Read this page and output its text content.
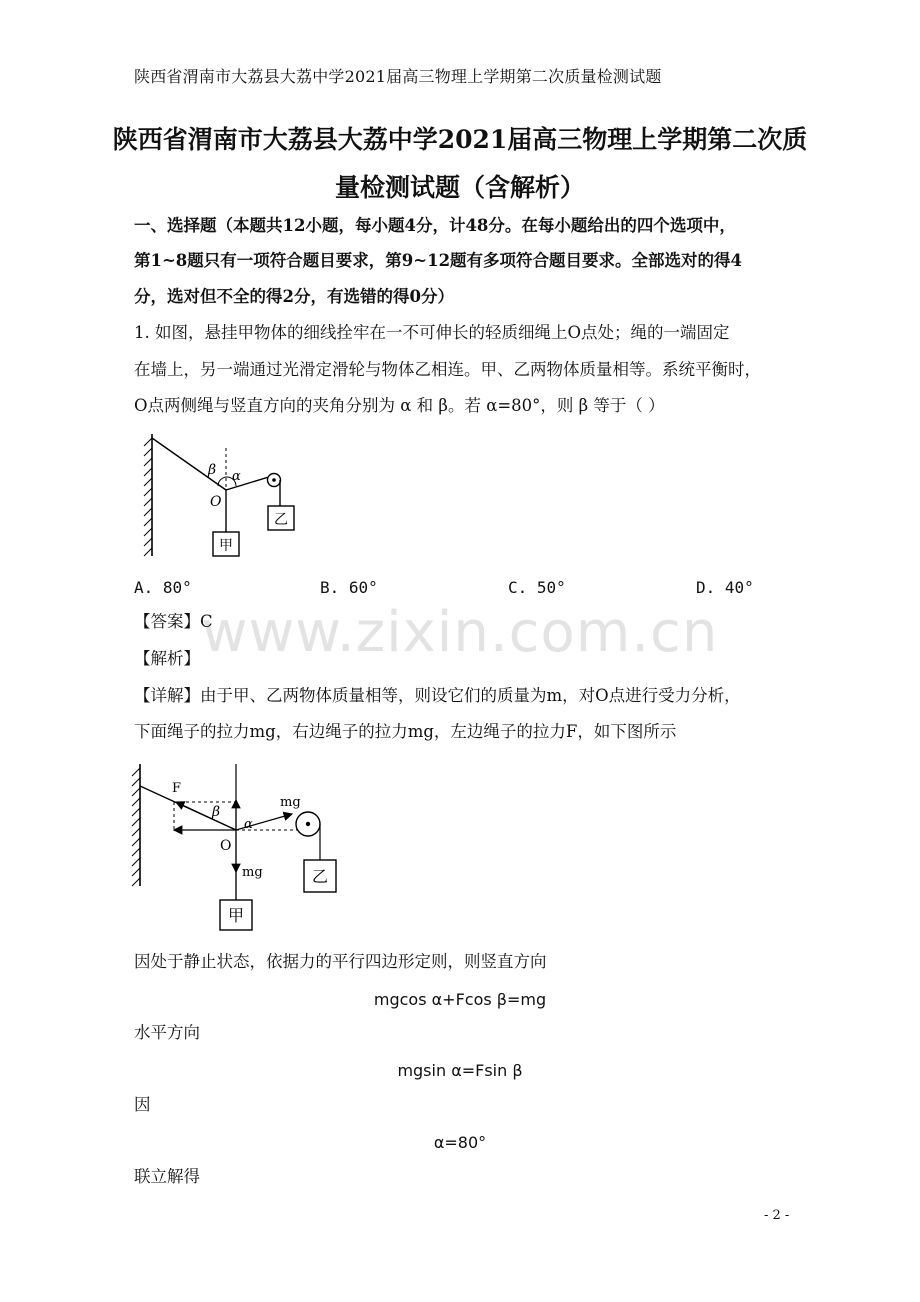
陕西省渭南市大荔县大荔中学2021届高三物理上学期第二次质量检测试题
陕西省渭南市大荔县大荔中学2021届高三物理上学期第二次质
量检测试题（含解析）
一、选择题（本题共12小题，每小题4分，计48分。在每小题给出的四个选项中，
第1~8题只有一项符合题目要求，第9~12题有多项符合题目要求。全部选对的得4
分，选对但不全的得2分，有选错的得0分）
1. 如图，悬挂甲物体的细线拴牢在一不可伸长的轻质细绳上O点处；绳的一端固定
在墙上，另一端通过光滑定滑轮与物体乙相连。甲、乙两物体质量相等。系统平衡时，
O点两侧绳与竖直方向的夹角分别为 α 和 β。若 α=80°，则 β 等于（ ）
乙
甲
β α
O
A. 80°	B. 60°	C. 50°	D. 40°
www.zixin.com.cn
【答案】C
【解析】
【详解】由于甲、乙两物体质量相等，则设它们的质量为m，对O点进行受力分析，
下面绳子的拉力mg，右边绳子的拉力mg，左边绳子的拉力F，如下图所示
乙
甲
F
mg
mg
β
α
O
因处于静止状态，依据力的平行四边形定则，则竖直方向
mgcos α+Fcos β=mg
水平方向
mgsin α=Fsin β
因
α=80°
联立解得
- 2 -
